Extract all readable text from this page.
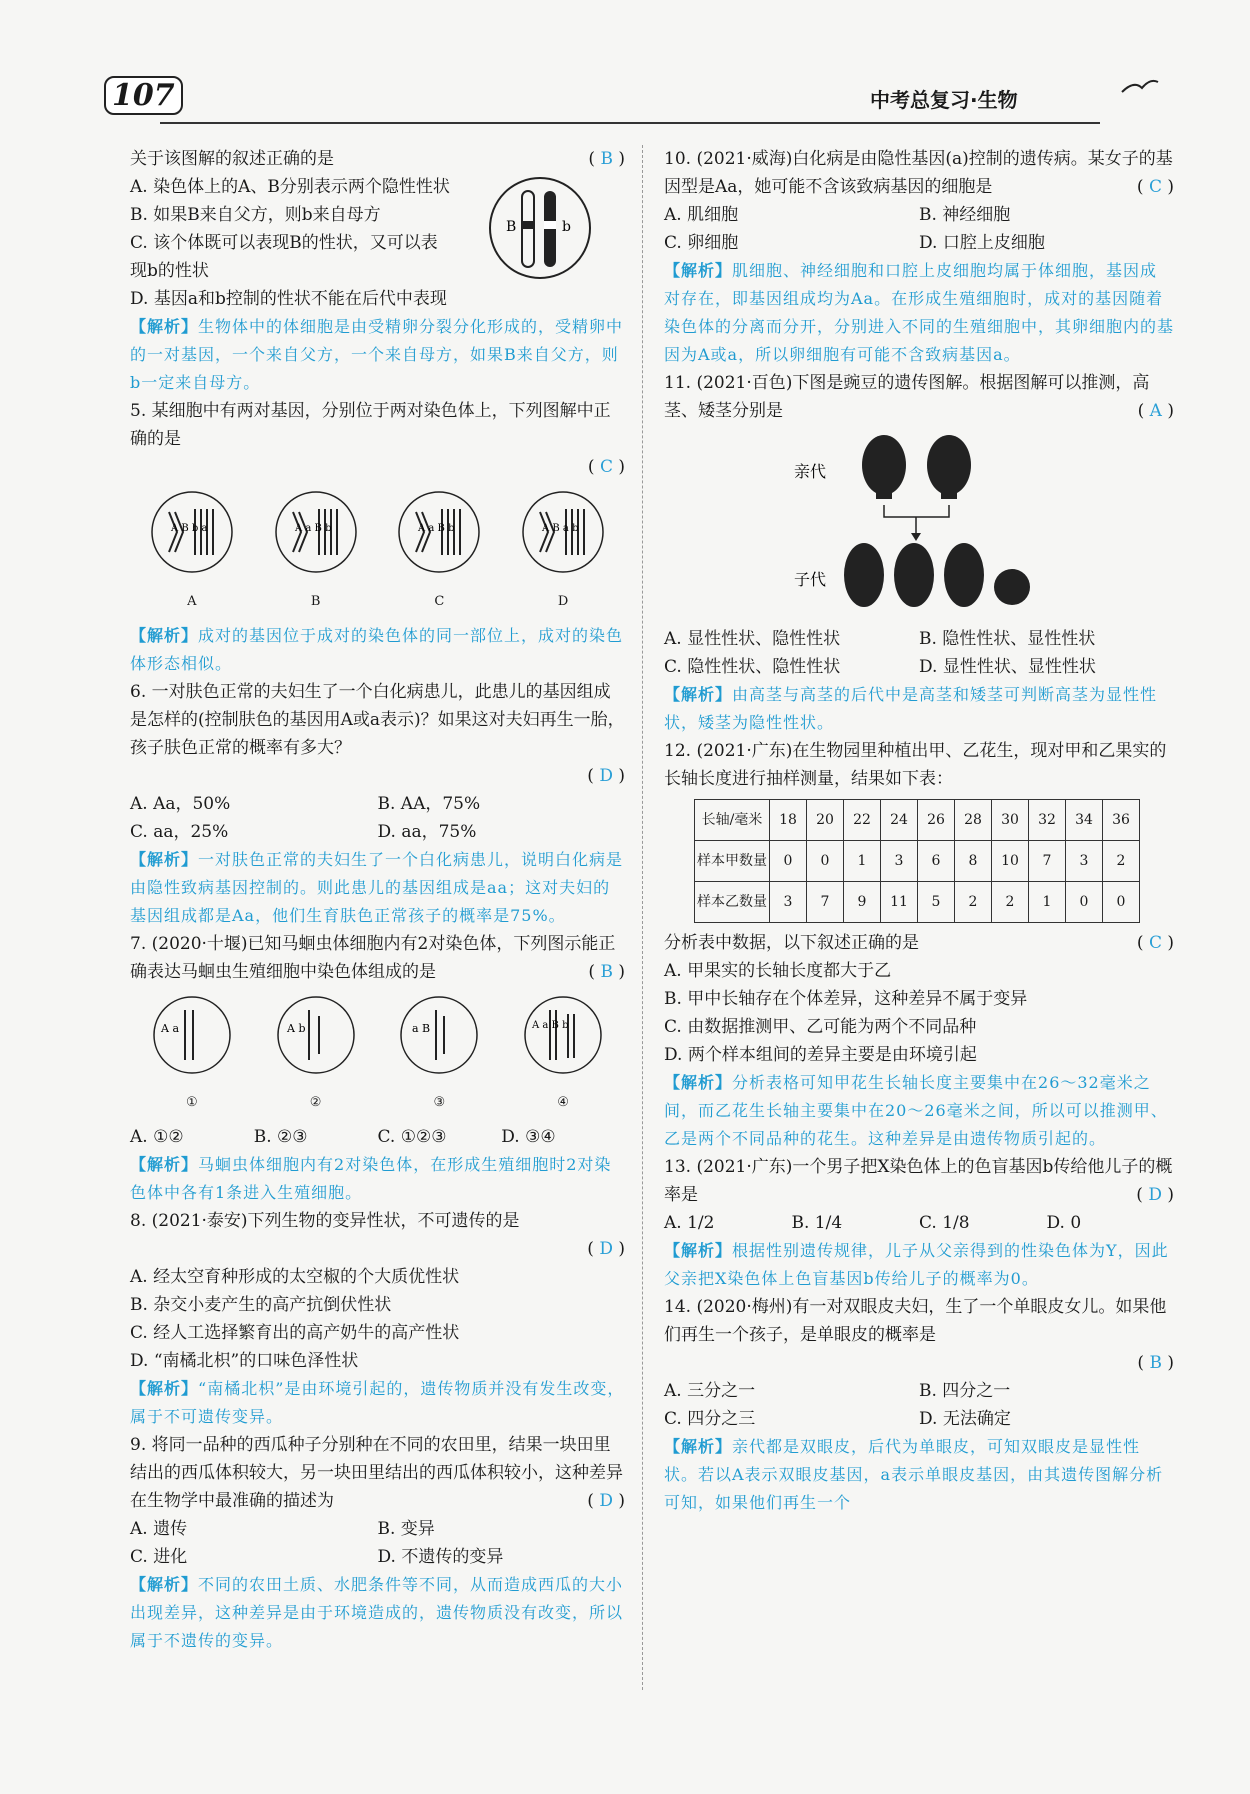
107	中考总复习·生物
关于该图解的叙述正确的是	( B )
A. 染色体上的A、B分别表示两个隐性性状
B. 如果B来自父方，则b来自母方
C. 该个体既可以表现B的性状，又可以表现b的性状
B	b
D. 基因a和b控制的性状不能在后代中表现
【解析】生物体中的体细胞是由受精卵分裂分化形成的，受精卵中的一对基因，一个来自父方，一个来自母方，如果B来自父方，则b一定来自母方。
5. 某细胞中有两对基因，分别位于两对染色体上，下列图解中正确的是
( C )
A B b a
A
A a B b
B
A a B b
C
A B a b
D
【解析】成对的基因位于成对的染色体的同一部位上，成对的染色体形态相似。
6. 一对肤色正常的夫妇生了一个白化病患儿，此患儿的基因组成是怎样的(控制肤色的基因用A或a表示)？如果这对夫妇再生一胎，孩子肤色正常的概率有多大？
( D )
A. Aa，50%	B. AA，75%
C. aa，25%	D. aa，75%
【解析】一对肤色正常的夫妇生了一个白化病患儿，说明白化病是由隐性致病基因控制的。则此患儿的基因组成是aa；这对夫妇的基因组成都是Aa，他们生育肤色正常孩子的概率是75%。
7. (2020·十堰)已知马蛔虫体细胞内有2对染色体，下列图示能正确表达马蛔虫生殖细胞中染色体组成的是	( B )
A a
①
A b
②
a B
③
A a B b
④
A. ①②	B. ②③	C. ①②③	D. ③④
【解析】马蛔虫体细胞内有2对染色体，在形成生殖细胞时2对染色体中各有1条进入生殖细胞。
8. (2021·泰安)下列生物的变异性状，不可遗传的是
( D )
A. 经太空育种形成的太空椒的个大质优性状
B. 杂交小麦产生的高产抗倒伏性状
C. 经人工选择繁育出的高产奶牛的高产性状
D. “南橘北枳”的口味色泽性状
【解析】“南橘北枳”是由环境引起的，遗传物质并没有发生改变，属于不可遗传变异。
9. 将同一品种的西瓜种子分别种在不同的农田里，结果一块田里结出的西瓜体积较大，另一块田里结出的西瓜体积较小，这种差异在生物学中最准确的描述为	( D )
A. 遗传	B. 变异
C. 进化	D. 不遗传的变异
【解析】不同的农田土质、水肥条件等不同，从而造成西瓜的大小出现差异，这种差异是由于环境造成的，遗传物质没有改变，所以属于不遗传的变异。
10. (2021·威海)白化病是由隐性基因(a)控制的遗传病。某女子的基因型是Aa，她可能不含该致病基因的细胞是	( C )
A. 肌细胞	B. 神经细胞
C. 卵细胞	D. 口腔上皮细胞
【解析】肌细胞、神经细胞和口腔上皮细胞均属于体细胞，基因成对存在，即基因组成均为Aa。在形成生殖细胞时，成对的基因随着染色体的分离而分开，分别进入不同的生殖细胞中，其卵细胞内的基因为A或a，所以卵细胞有可能不含致病基因a。
11. (2021·百色)下图是豌豆的遗传图解。根据图解可以推测，高茎、矮茎分别是	( A )
亲代
子代
A. 显性性状、隐性性状	B. 隐性性状、显性性状
C. 隐性性状、隐性性状	D. 显性性状、显性性状
【解析】由高茎与高茎的后代中是高茎和矮茎可判断高茎为显性性状，矮茎为隐性性状。
12. (2021·广东)在生物园里种植出甲、乙花生，现对甲和乙果实的长轴长度进行抽样测量，结果如下表：
长轴/毫米	18	20	22	24	26	28	30	32	34	36
样本甲数量	0	0	1	3	6	8	10	7	3	2
样本乙数量	3	7	9	11	5	2	2	1	0	0
分析表中数据，以下叙述正确的是	( C )
A. 甲果实的长轴长度都大于乙
B. 甲中长轴存在个体差异，这种差异不属于变异
C. 由数据推测甲、乙可能为两个不同品种
D. 两个样本组间的差异主要是由环境引起
【解析】分析表格可知甲花生长轴长度主要集中在26～32毫米之间，而乙花生长轴主要集中在20～26毫米之间，所以可以推测甲、乙是两个不同品种的花生。这种差异是由遗传物质引起的。
13. (2021·广东)一个男子把X染色体上的色盲基因b传给他儿子的概率是	( D )
A. 1/2	B. 1/4	C. 1/8	D. 0
【解析】根据性别遗传规律，儿子从父亲得到的性染色体为Y，因此父亲把X染色体上色盲基因b传给儿子的概率为0。
14. (2020·梅州)有一对双眼皮夫妇，生了一个单眼皮女儿。如果他们再生一个孩子，是单眼皮的概率是
( B )
A. 三分之一	B. 四分之一
C. 四分之三	D. 无法确定
【解析】亲代都是双眼皮，后代为单眼皮，可知双眼皮是显性性状。若以A表示双眼皮基因，a表示单眼皮基因，由其遗传图解分析可知，如果他们再生一个
